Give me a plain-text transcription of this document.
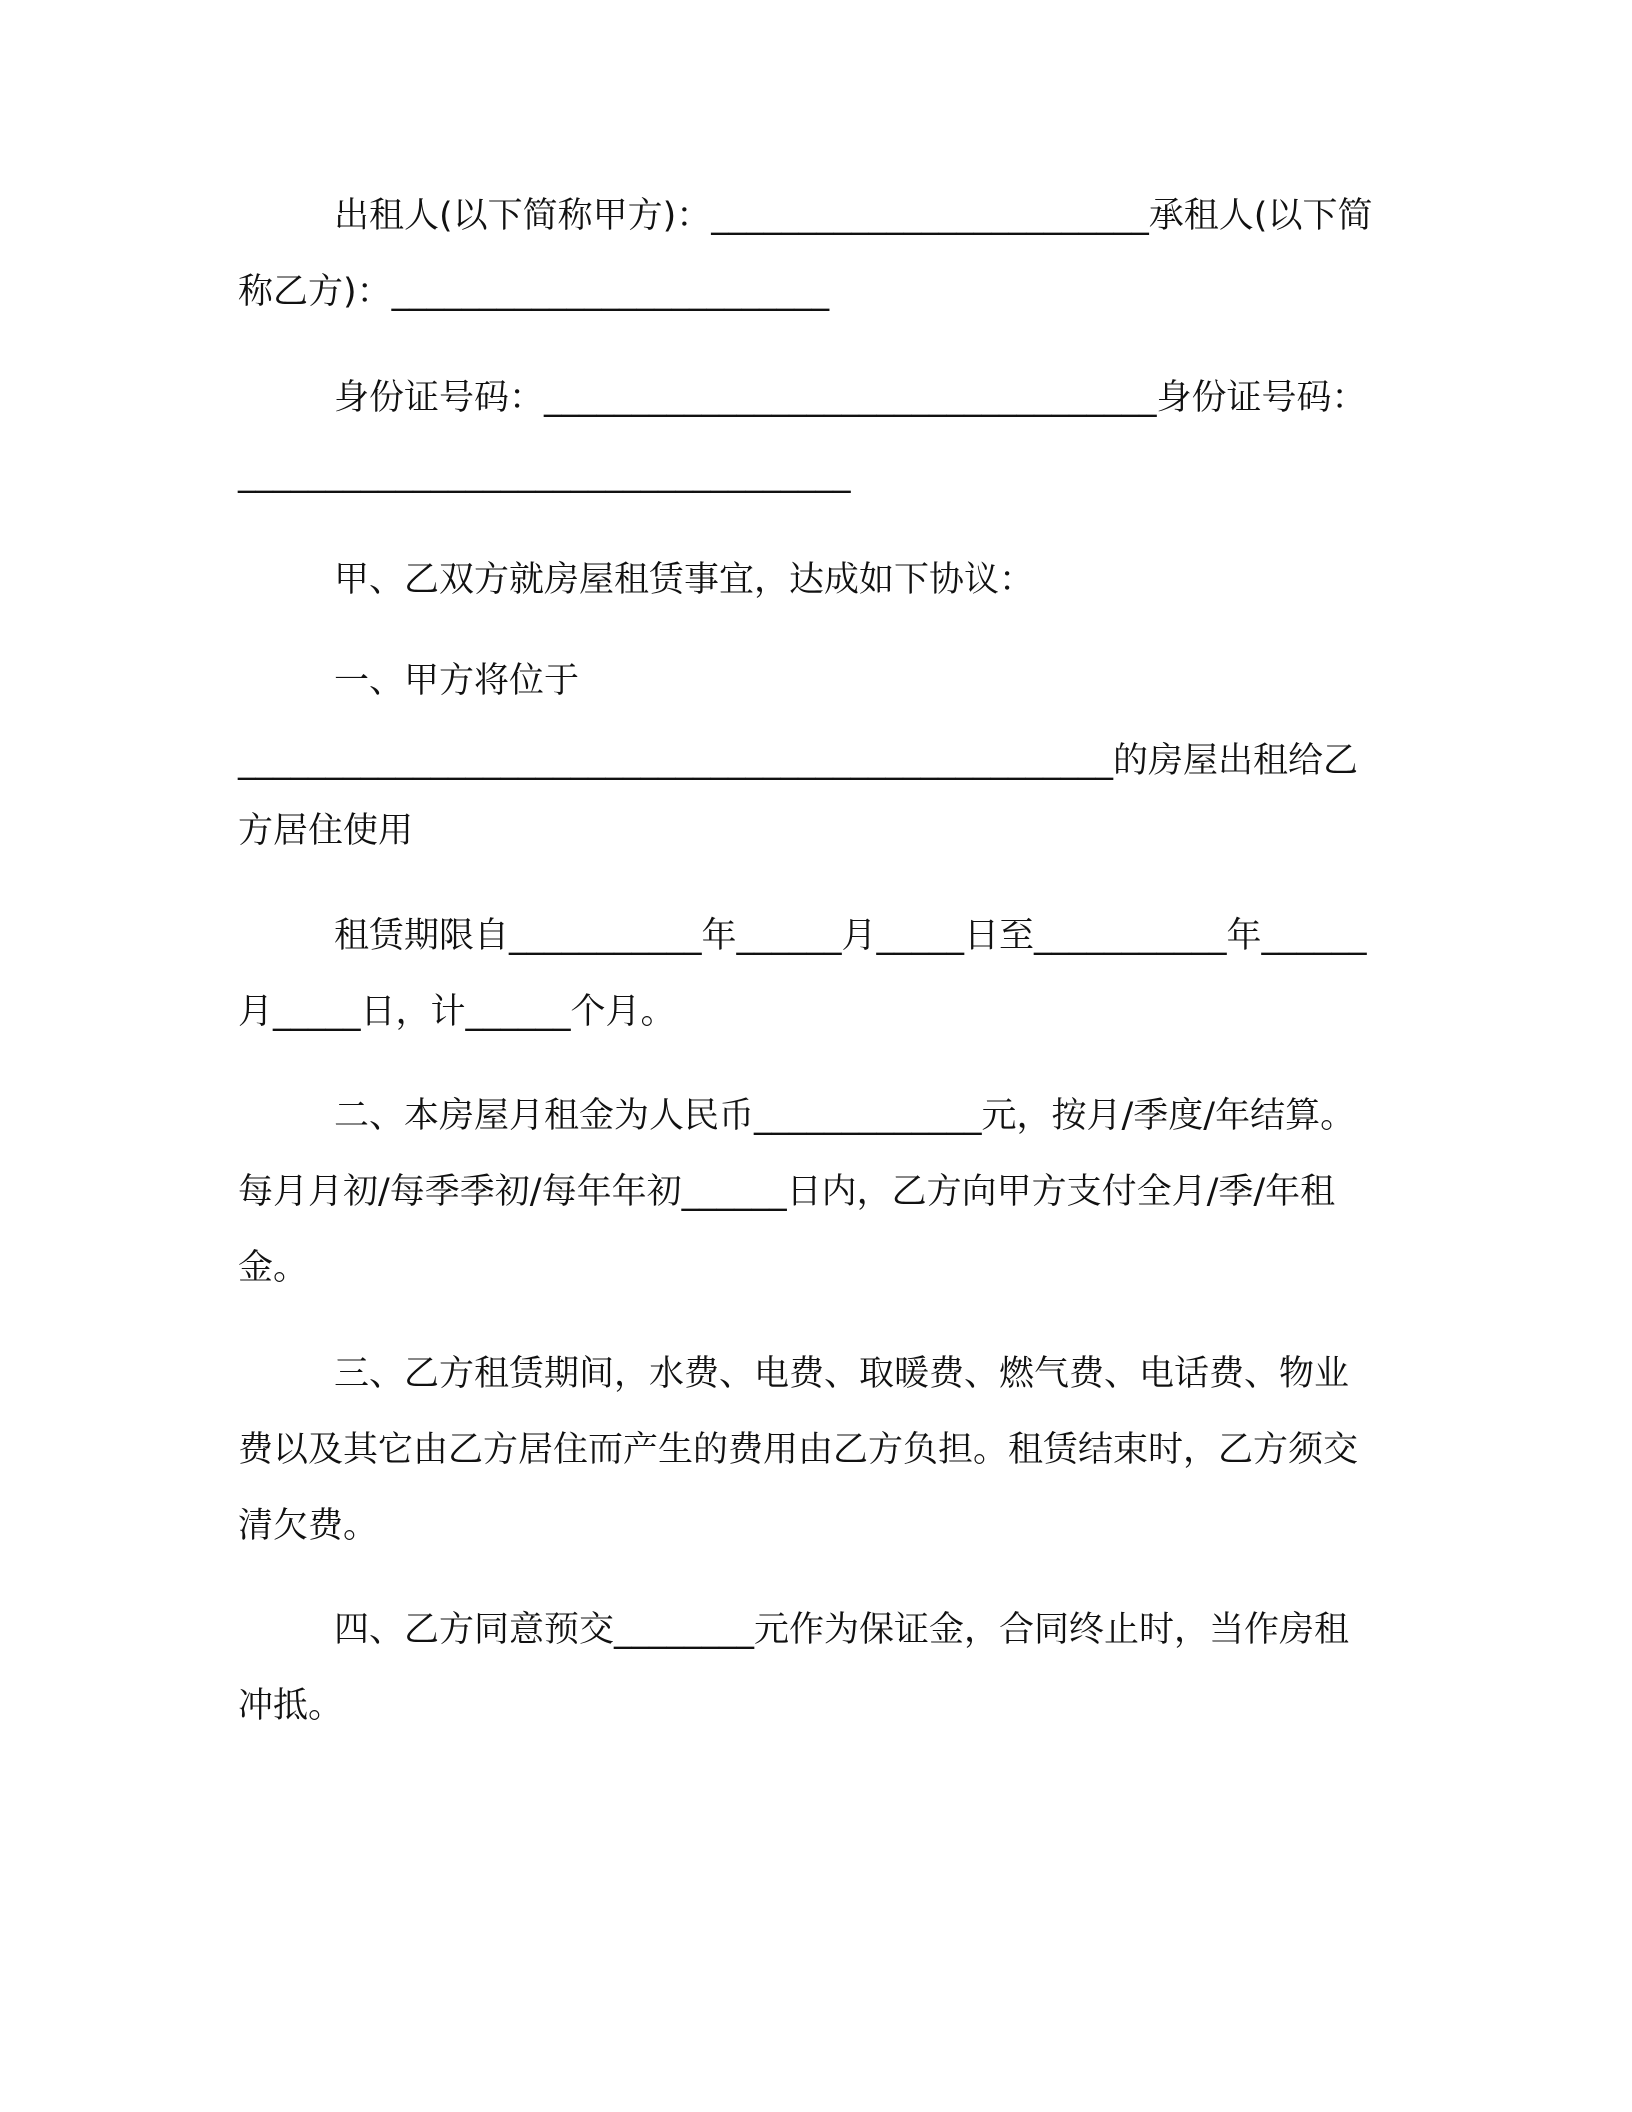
出租人(以下简称甲方)：_________________________承租人(以下简称乙方)：_________________________

身份证号码：___________________________________身份证号码：___________________________________

甲、乙双方就房屋租赁事宜，达成如下协议：

一、甲方将位于

__________________________________________________的房屋出租给乙方居住使用

租赁期限自___________年______月_____日至___________年______月_____日，计______个月。

二、本房屋月租金为人民币_____________元，按月/季度/年结算。每月月初/每季季初/每年年初______日内，乙方向甲方支付全月/季/年租金。

三、乙方租赁期间，水费、电费、取暖费、燃气费、电话费、物业费以及其它由乙方居住而产生的费用由乙方负担。租赁结束时，乙方须交清欠费。

四、乙方同意预交________元作为保证金，合同终止时，当作房租冲抵。
